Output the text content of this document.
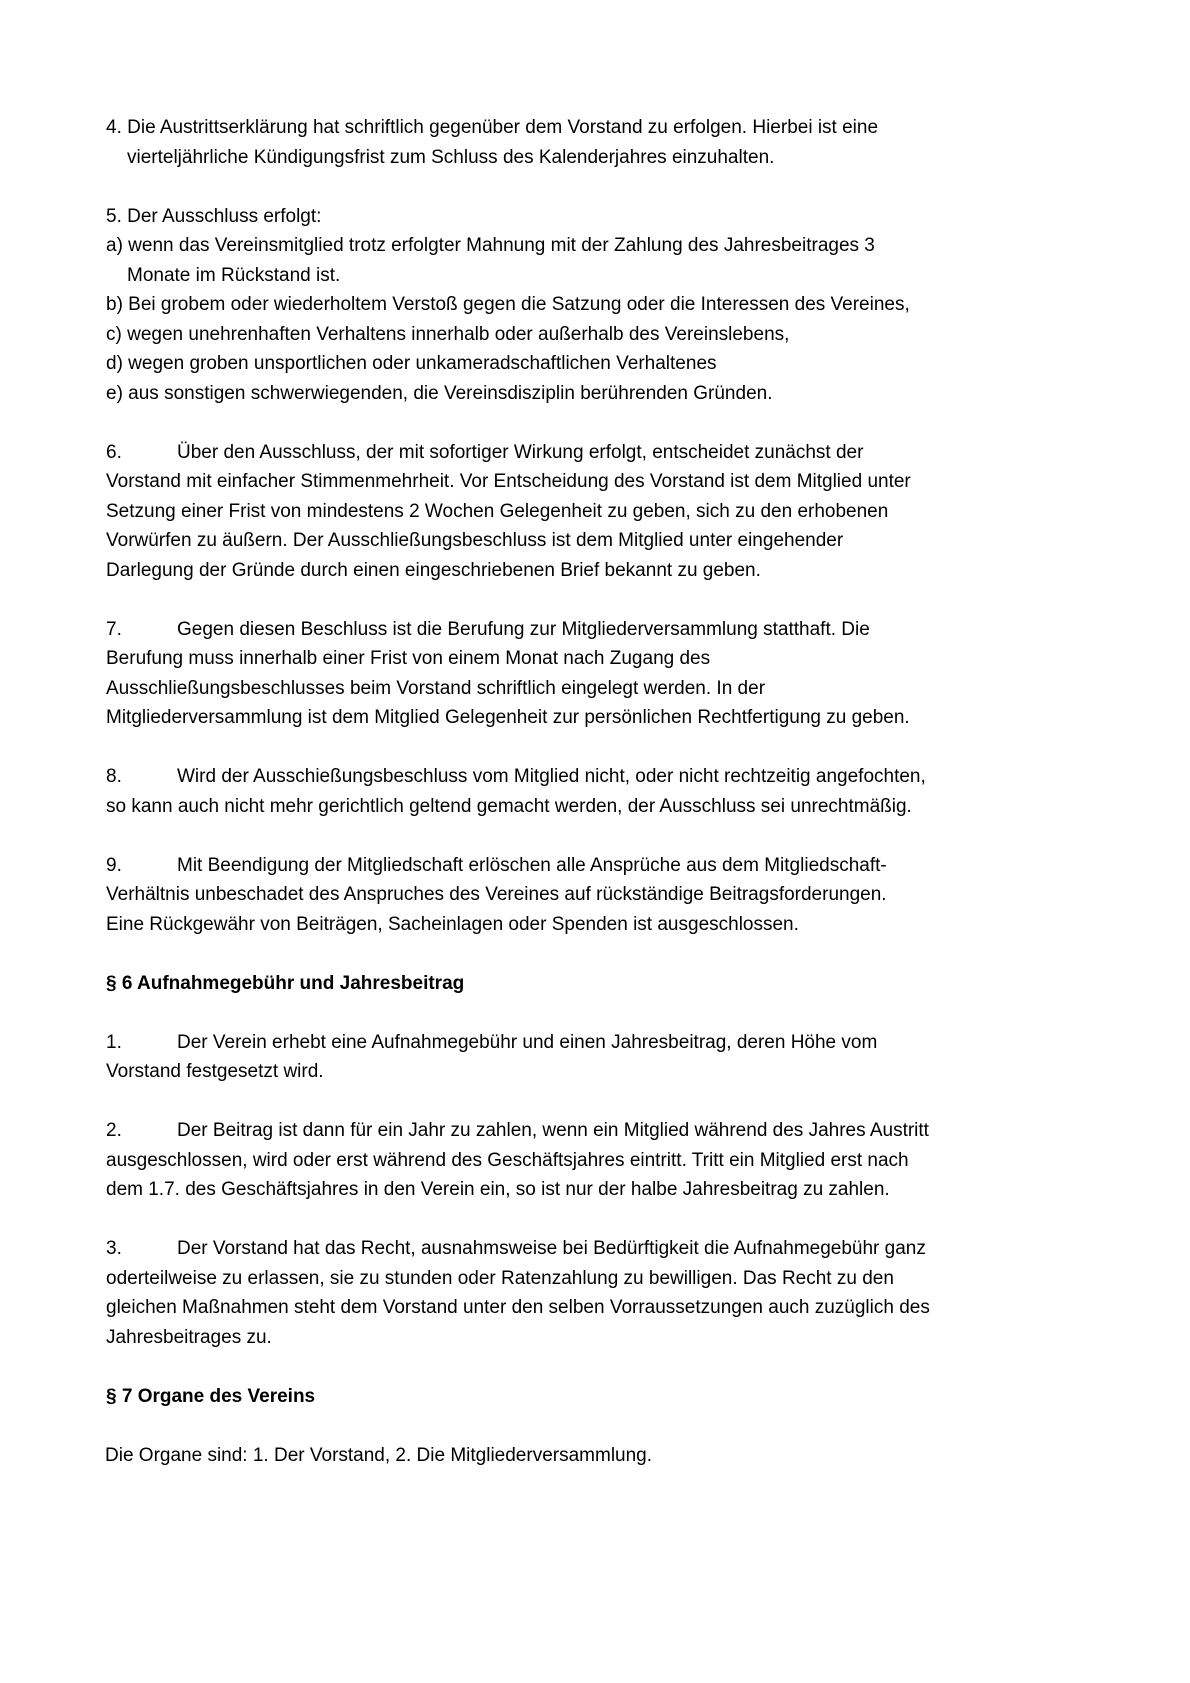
4. Die Austrittserklärung hat schriftlich gegenüber dem Vorstand zu erfolgen. Hierbei ist eine
vierteljährliche Kündigungsfrist zum Schluss des Kalenderjahres einzuhalten.
5. Der Ausschluss erfolgt:
a) wenn das Vereinsmitglied trotz erfolgter Mahnung mit der Zahlung des Jahresbeitrages 3
Monate im Rückstand ist.
b) Bei grobem oder wiederholtem Verstoß gegen die Satzung oder die Interessen des Vereines,
c) wegen unehrenhaften Verhaltens innerhalb oder außerhalb des Vereinslebens,
d) wegen groben unsportlichen oder unkameradschaftlichen Verhaltenes
e) aus sonstigen schwerwiegenden, die Vereinsdisziplin berührenden Gründen.
6.	Über den Ausschluss, der mit sofortiger Wirkung erfolgt, entscheidet zunächst der
Vorstand mit einfacher Stimmenmehrheit. Vor Entscheidung des Vorstand ist dem Mitglied unter
Setzung einer Frist von mindestens 2 Wochen Gelegenheit zu geben, sich zu den erhobenen
Vorwürfen zu äußern. Der Ausschließungsbeschluss ist dem Mitglied unter eingehender
Darlegung der Gründe durch einen eingeschriebenen Brief bekannt zu geben.
7.	Gegen diesen Beschluss ist die Berufung zur Mitgliederversammlung statthaft. Die
Berufung muss innerhalb einer Frist von einem Monat nach Zugang des
Ausschließungsbeschlusses beim Vorstand schriftlich eingelegt werden. In der
Mitgliederversammlung ist dem Mitglied Gelegenheit zur persönlichen Rechtfertigung zu geben.
8.	Wird der Ausschießungsbeschluss vom Mitglied nicht, oder nicht rechtzeitig angefochten,
so kann auch nicht mehr gerichtlich geltend gemacht werden, der Ausschluss sei unrechtmäßig.
9.	Mit Beendigung der Mitgliedschaft erlöschen alle Ansprüche aus dem Mitgliedschaft-
Verhältnis unbeschadet des Anspruches des Vereines auf rückständige Beitragsforderungen.
Eine Rückgewähr von Beiträgen, Sacheinlagen oder Spenden ist ausgeschlossen.
§ 6 Aufnahmegebühr und Jahresbeitrag
1.	Der Verein erhebt eine Aufnahmegebühr und einen Jahresbeitrag, deren Höhe vom
Vorstand festgesetzt wird.
2.	Der Beitrag ist dann für ein Jahr zu zahlen, wenn ein Mitglied während des Jahres Austritt
ausgeschlossen, wird oder erst während des Geschäftsjahres eintritt. Tritt ein Mitglied erst nach
dem 1.7. des Geschäftsjahres in den Verein ein, so ist nur der halbe Jahresbeitrag zu zahlen.
3.	Der Vorstand hat das Recht, ausnahmsweise bei Bedürftigkeit die Aufnahmegebühr ganz
oderteilweise zu erlassen, sie zu stunden oder Ratenzahlung zu bewilligen. Das Recht zu den
gleichen Maßnahmen steht dem Vorstand unter den selben Vorraussetzungen auch zuzüglich des
Jahresbeitrages zu.
§ 7 Organe des Vereins
Die Organe sind: 1. Der Vorstand, 2. Die Mitgliederversammlung.
